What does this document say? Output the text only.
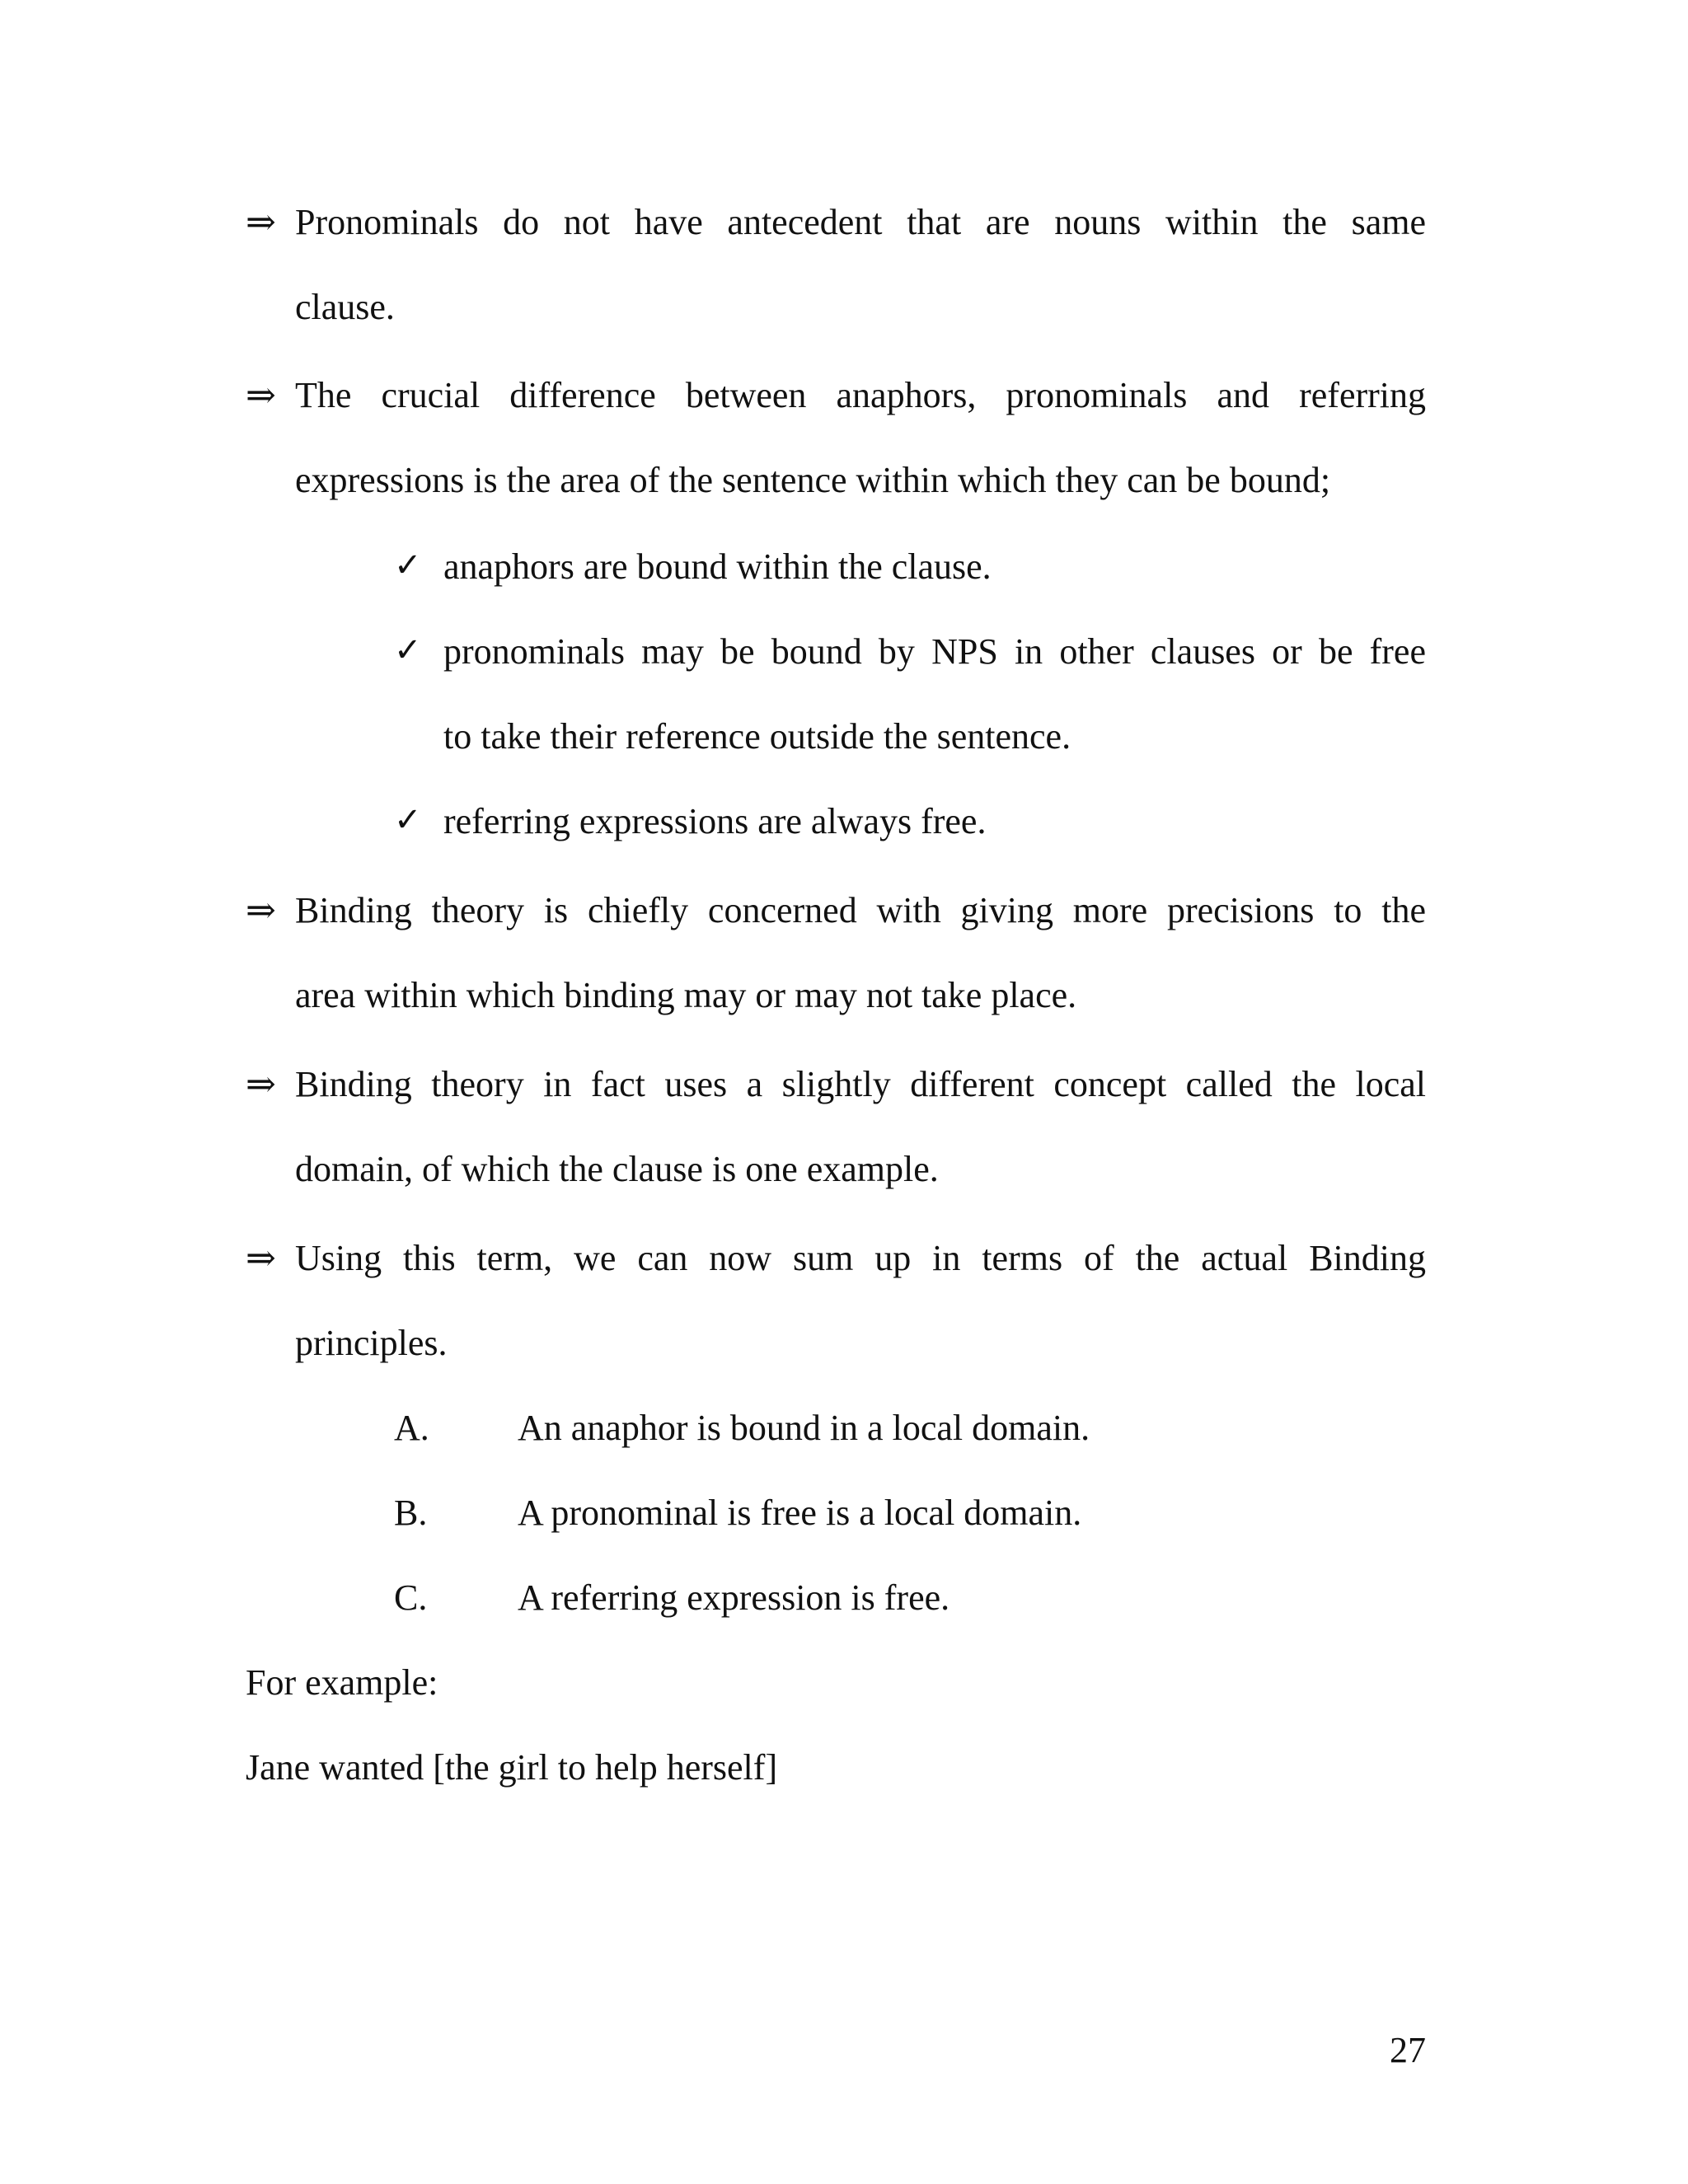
⇒ Pronominals do not have antecedent that are nouns within the same
clause.
⇒ The crucial difference between anaphors, pronominals and referring
expressions is the area of the sentence within which they can be bound;
✓ anaphors are bound within the clause.
✓ pronominals may be bound by NPS in other clauses or be free
to take their reference outside the sentence.
✓ referring expressions are always free.
⇒ Binding theory is chiefly concerned with giving more precisions to the
area within which binding may or may not take place.
⇒ Binding theory in fact uses a slightly different concept called the local
domain, of which the clause is one example.
⇒ Using this term, we can now sum up in terms of the actual Binding
principles.
A. An anaphor is bound in a local domain.
B. A pronominal is free is a local domain.
C. A referring expression is free.
For example:
Jane wanted [the girl to help herself]
27
